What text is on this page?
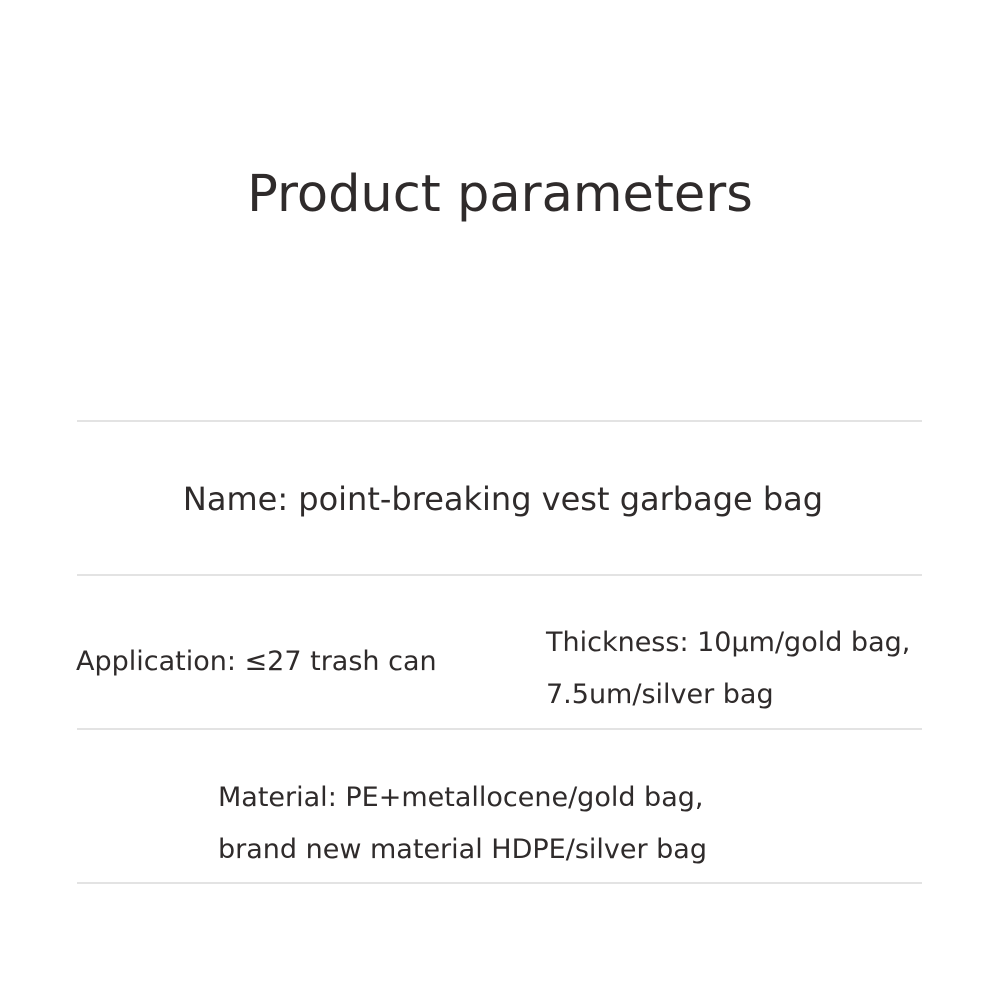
Product parameters
Name: point-breaking vest garbage bag
Application: ≤27 trash can
Thickness: 10μm/gold bag,
7.5um/silver bag
Material: PE+metallocene/gold bag,
brand new material HDPE/silver bag
